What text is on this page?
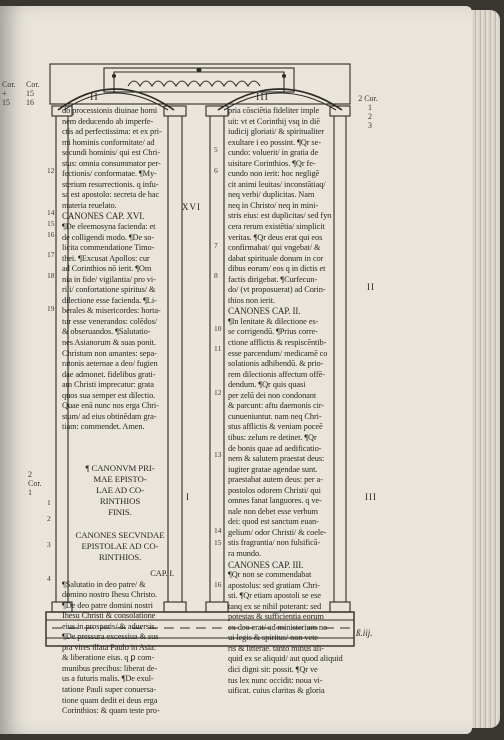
Cor.
+
15
Cor.
15
16
2
Cor.
1
2 Cor.
1
2
3
II	III
XVI
I
II
III
ß.iij.
do processionis diuinae homi
nem deducendo ab imperfe-
ctis ad perfectissima: et ex pri-
mi hominis conformitate/ ad
secundi hominis/ qui est Chri-
stus: omnia consummator per-
fectionis/ conformatae. ¶My-
sterium resurrectionis. q infu-
sa est apostolo: secreta de hac
materia reuelato.
CANONES CAP. XVI.
¶De eleemosyna facienda: et
de colligendi modo. ¶De so-
licita commendatione Timo-
thei. ¶Excusat Apollos: cur
ad Corinthios nō ierit. ¶Om
nia in fide/ vigilantia/ pro vi-
rili/ confortatione spiritus/ &
dilectione esse facienda. ¶Li-
berales & misericordes: horta-
tur esse venerandos: colēdos/
& obseruandos. ¶Salutatio-
nes Asianorum & suas ponit.
Christum non amantes: sepa-
ratonis aeternae a deo/ fugien
dae admonet. fidelibus grati-
am Christi imprecatur: grata
quos sua semper est dilectio.
Quae enā nunc nos erga Chri-
stum/ ad eius obtinēdam gra-
tiam: commendet. Amen.
¶ CANONVM PRI-
MAE EPISTO-
LAE AD CO-
RINTHIOS
FINIS.
CANONES SECVNDAE
EPISTOLAE AD CO-
RINTHIOS.
CAP. I.
¶Salutatio in deo patre/ &
domino nostro Ihesu Christo.
¶De deo patre domini nostri
Ihesu Christi & consolatione
eius in prosperis/ & aduersis.
¶De pressura excessiua & sus
pra vires illata Paulo in Asia:
& liberatione eius. q ꝑ com-
munibus precibus: liberat de-
us a futuris malis. ¶De exul-
tatione Pauli super conuersa-
tione quam dedit ei deus erga
Corinthios: & quam teste pro-
12
14
15
16
17
18
19
1
2
3
4
pria cōsciētia fideliter imple
uit: vt et Corinthij vsq in diē
iudicij gloriati/ & spiritualiter
exultare i eo possint. ¶Qr se-
cundo: voluerit/ in gratia de
uisitare Corinthios. ¶Qr fe-
cundo non ierit: hoc negligē
cit animi leuitas/ inconstātiaq/
neq verbi/ duplicitas. Nam
neq in Christo/ neq in mini-
stris eius: est duplicitas/ sed fyn
cera rerum existētia/ simplicit
veritas. ¶Qr deus erat qui eos
confirmabat/ qui vngebat/ &
dabat spirituale donum in cor
dibus eorum/ eos q in dictis et
factis dirigebat. ¶Curfecun-
do/ (vt proposuerat) ad Corin-
thios non ierit.
CANONES CAP. II.
¶In lenitate & dilectione es-
se corrigendū. ¶Prius corre-
ctione afflictis & respiscēntib-
esse parcendum/ medicamē co
solationis adhibendū. & prio-
rem dilectionis affectum offē-
dendum. ¶Qr quis quasi
per zelū dei non condonant
& parcunt: aftu daemonis cir-
cunueniuntur. nam neq Chri-
stus afflictis & veniam poceē
tibus: zelum re detinet. ¶Qr
de bonis quae ad aedificatio-
nem & salutem praestat deus:
iugiter gratae agendae sunt.
praestabat autem deus: per a-
postolos odorem Christi/ qui
omnes fanat languores. q ve-
nale non debet esse verbum
dei: quod est sanctum euan-
gelium/ odor Christi/ & coele-
stis fragrantia/ non fulsificā-
ra mundo.
CANONES CAP. III.
¶Qr non se commendabat
apostolus: sed gratiam Chri-
sti. ¶Qr etiam apostoli se ese
tanq ex se nihil poterant: sed
potestas & sufficientia eorum
ex deo erat/ ad ministerium no-
ui legis & spiritus/ non vete-
ris & litterae. tanto minus ali-
quid ex se aliquid/ aut quod aliquid
dici digni sit: possit. ¶Qr ve
tus lex nunc occidit: noua vi-
uificat. cuius claritas & gloria
5
6
7
8
10
11
12
13
14
15
16
